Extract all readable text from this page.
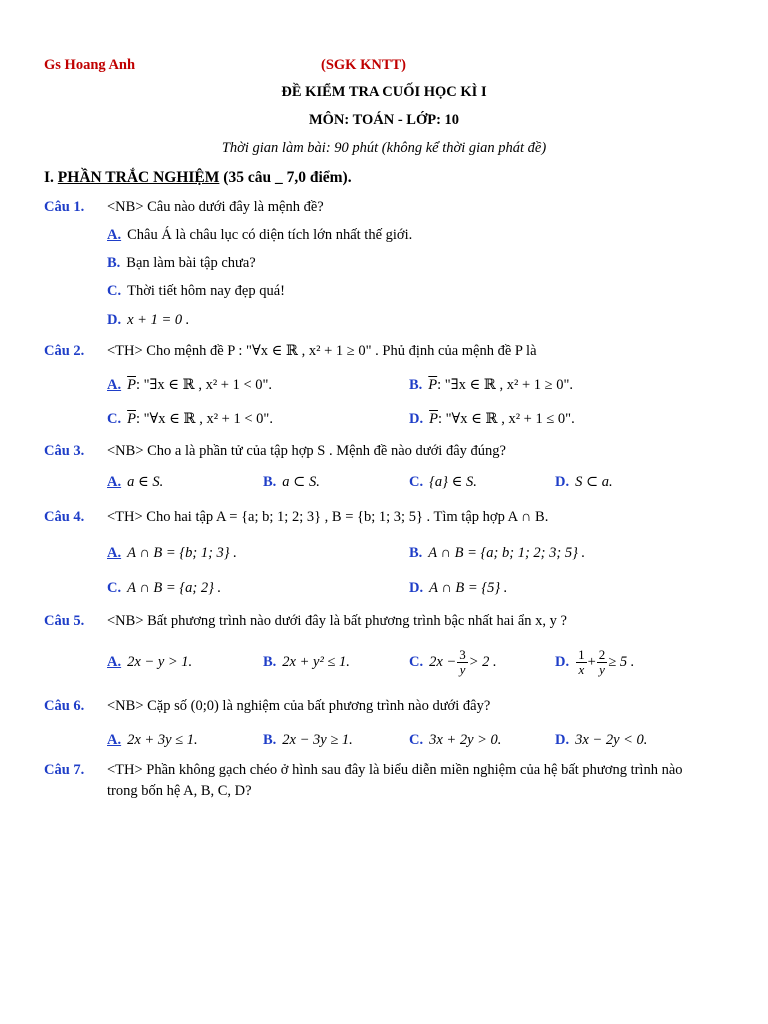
Gs Hoang Anh	(SGK KNTT)
ĐỀ KIỂM TRA CUỐI HỌC KÌ I
MÔN: TOÁN - LỚP: 10
Thời gian làm bài: 90 phút (không kể thời gian phát đề)
I. PHẦN TRẮC NGHIỆM (35 câu _ 7,0 điểm).
Câu 1. <NB> Câu nào dưới đây là mệnh đề?
A. Châu Á là châu lục có diện tích lớn nhất thế giới.
B. Bạn làm bài tập chưa?
C. Thời tiết hôm nay đẹp quá!
D. x + 1 = 0 .
Câu 2. <TH> Cho mệnh đề P : "∀x ∈ ℝ , x² + 1 ≥ 0" . Phủ định của mệnh đề P là
A. $\overline{P}$: "∃x ∈ ℝ , x² + 1 < 0".	B. $\overline{P}$: "∃x ∈ ℝ , x² + 1 ≥ 0".
C. $\overline{P}$: "∀x ∈ ℝ , x² + 1 < 0".	D. $\overline{P}$: "∀x ∈ ℝ , x² + 1 ≤ 0".
Câu 3. <NB> Cho a là phần tử của tập hợp S . Mệnh đề nào dưới đây đúng?
A. a ∈ S.	B. a ⊂ S.	C. {a} ∈ S.	D. S ⊂ a.
Câu 4. <TH> Cho hai tập A = {a; b; 1; 2; 3} , B = {b; 1; 3; 5} . Tìm tập hợp A ∩ B.
A. A ∩ B = {b; 1; 3} .	B. A ∩ B = {a; b; 1; 2; 3; 5} .
C. A ∩ B = {a; 2} .	D. A ∩ B = {5} .
Câu 5. <NB> Bất phương trình nào dưới đây là bất phương trình bậc nhất hai ẩn x, y ?
A. 2x − y > 1.	B. 2x + y² ≤ 1.	C. $2x - \frac{3}{y} > 2$ .	D. $\frac{1}{x} + \frac{2}{y} \ge 5$ .
Câu 6. <NB> Cặp số (0;0) là nghiệm của bất phương trình nào dưới đây?
A. 2x + 3y ≤ 1.	B. 2x − 3y ≥ 1.	C. 3x + 2y > 0.	D. 3x − 2y < 0.
Câu 7. <TH> Phần không gạch chéo ở hình sau đây là biểu diễn miền nghiệm của hệ bất phương trình nào
trong bốn hệ A, B, C, D?
